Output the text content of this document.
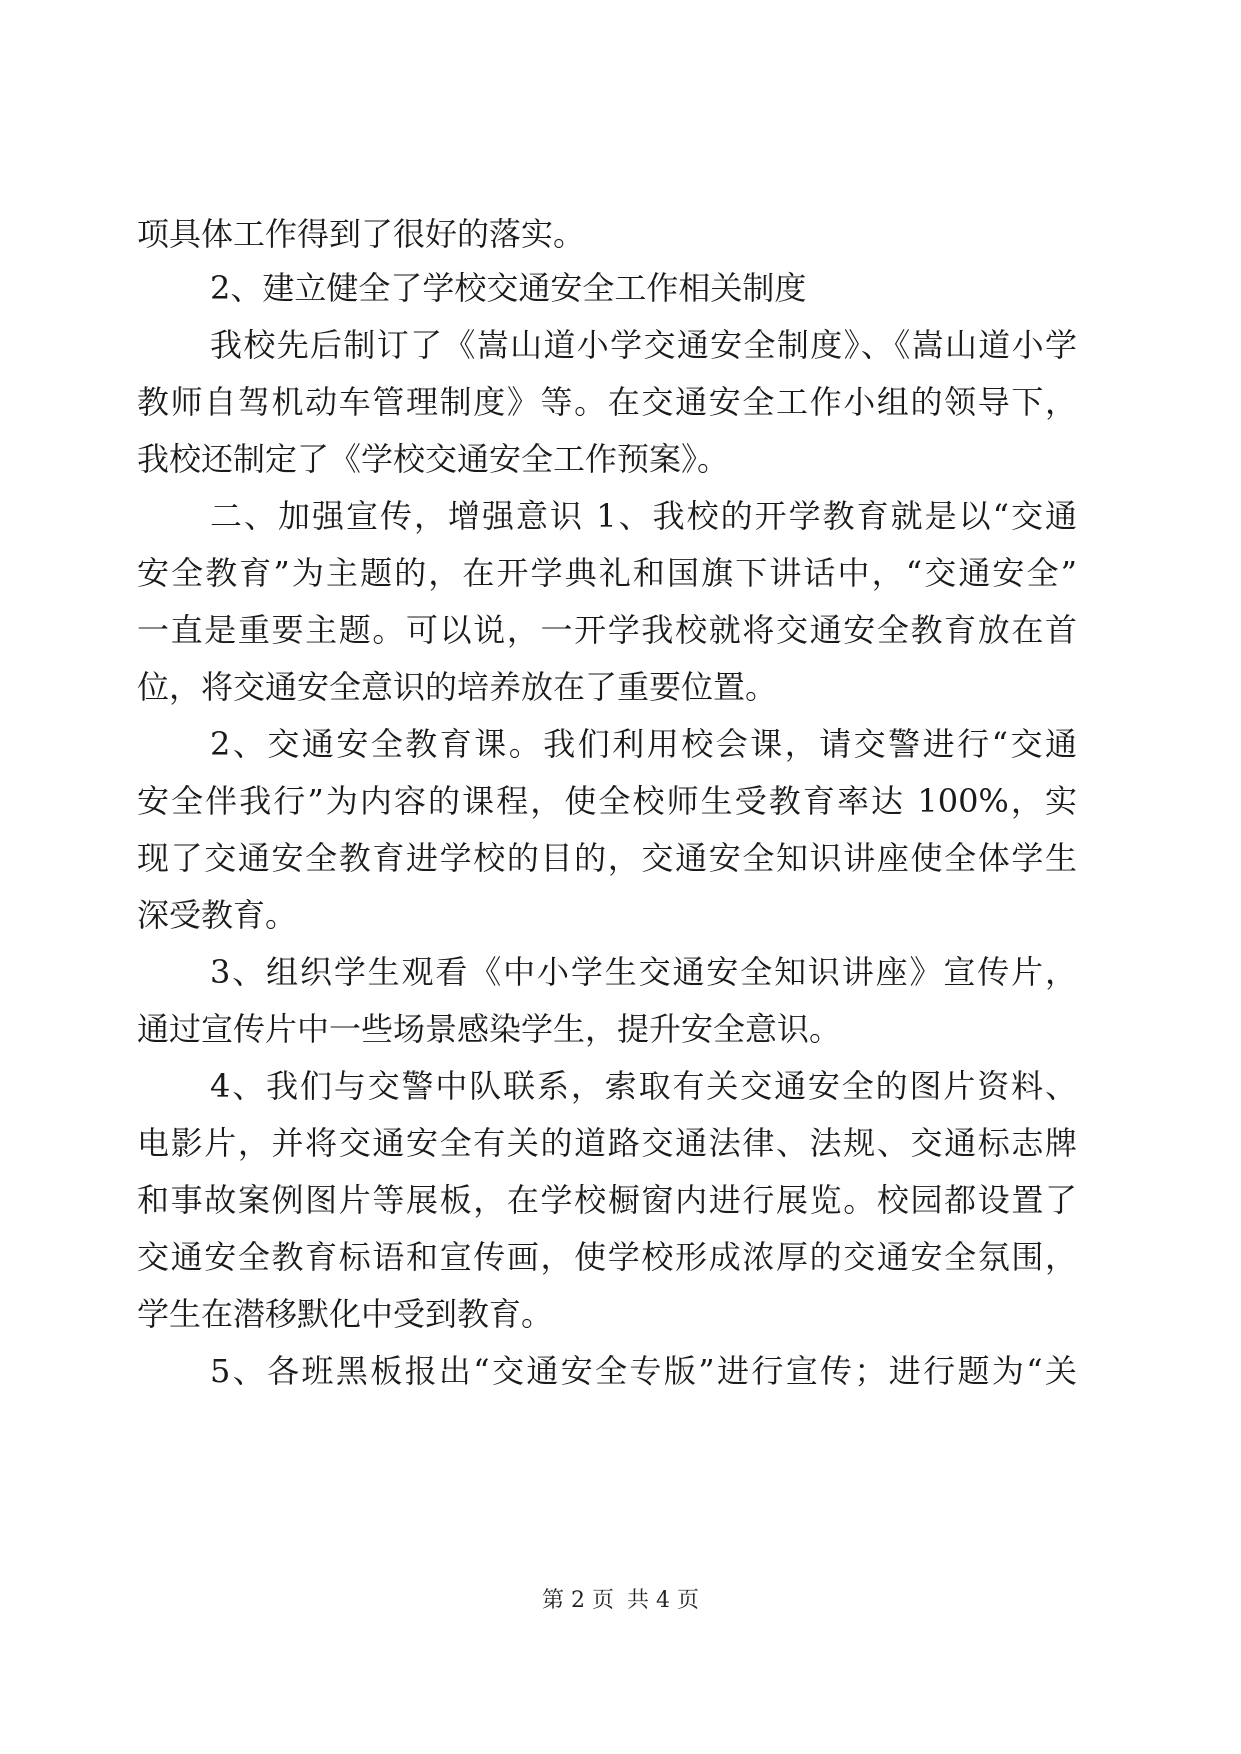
项具体工作得到了很好的落实。
2、建立健全了学校交通安全工作相关制度
我校先后制订了《嵩山道小学交通安全制度》、《嵩山道小学
教师自驾机动车管理制度》等。在交通安全工作小组的领导下，
我校还制定了《学校交通安全工作预案》。
二、加强宣传，增强意识 1、我校的开学教育就是以“交通
安全教育”为主题的，在开学典礼和国旗下讲话中，“交通安全”
一直是重要主题。可以说，一开学我校就将交通安全教育放在首
位，将交通安全意识的培养放在了重要位置。
2、交通安全教育课。我们利用校会课，请交警进行“交通
安全伴我行”为内容的课程，使全校师生受教育率达 100%，实
现了交通安全教育进学校的目的，交通安全知识讲座使全体学生
深受教育。
3、组织学生观看《中小学生交通安全知识讲座》宣传片，
通过宣传片中一些场景感染学生，提升安全意识。
4、我们与交警中队联系，索取有关交通安全的图片资料、
电影片，并将交通安全有关的道路交通法律、法规、交通标志牌
和事故案例图片等展板，在学校橱窗内进行展览。校园都设置了
交通安全教育标语和宣传画，使学校形成浓厚的交通安全氛围，
学生在潜移默化中受到教育。
5、各班黑板报出“交通安全专版”进行宣传；进行题为“关
第 2 页 共 4 页
